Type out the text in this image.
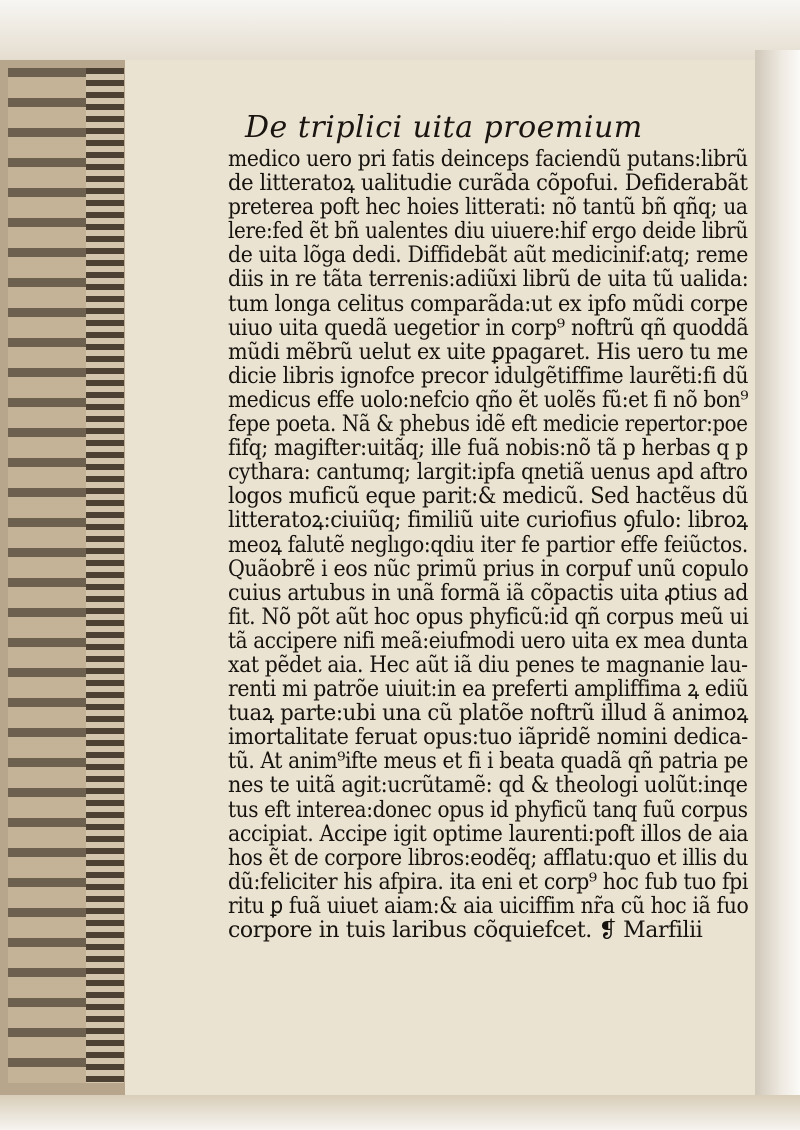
De triplici uita proemium
medico uero pri fatis deinceps faciendũ putans:librũ
de litteratoꝝ ualitudie curãda cõpofui. Defiderabãt
preterea poft hec hoies litterati: nõ tantũ bñ qñq; ua
lere:fed ẽt bñ ualentes diu uiuere:hif ergo deide librũ
de uita lõga dedi. Diffidebãt aũt medicinif:atq; reme
diis in re tãta terrenis:adiũxi librũ de uita tũ ualida:
tum longa celitus comparãda:ut ex ipfo mũdi corpe
uiuo uita quedã uegetior in corp⁹ noftrũ qñ quoddã
mũdi mẽbrũ uelut ex uite ꝑpagaret. His uero tu me
dicie libris ignofce precor idulgẽtiffime laurẽti:fi dũ
medicus effe uolo:nefcio qño ẽt uolẽs fũ:et fi nõ bon⁹
fepe poeta. Nã & phebus idẽ eft medicie repertor:poe
fifq; magifter:uitãq; ille fuã nobis:nõ tã p herbas q p
cythara: cantumq; largit:ipfa qnetiã uenus apd aftro
logos muficũ eque parit:& medicũ. Sed hactẽus dũ
litteratoꝝ:ciuiũq; fimiliũ uite curiofius ꝯfulo: libroꝝ
meoꝝ falutẽ neglıgo:qdiu iter fe partior effe feiũctos.
Quãobrẽ i eos nũc primũ prius in corpuf unũ copulo
cuius artubus in unã formã iã cõpactis uita ꝓtius ad
fit. Nõ põt aũt hoc opus phyficũ:id qñ corpus meũ ui
tã accipere nifi meã:eiufmodi uero uita ex mea dunta
xat pẽdet aia. Hec aũt iã diu penes te magnanie lau-
renti mi patrõe uiuit:in ea preferti ampliffima ꝝ ediũ
tuaꝝ parte:ubi una cũ platõe noftrũ illud ã animoꝝ
imortalitate feruat opus:tuo iãpridẽ nomini dedica-
tũ. At anim⁹ifte meus et fi i beata quadã qñ patria pe
nes te uitã agit:ucrũtamẽ: qd & theologi uolũt:inqe
tus eft interea:donec opus id phyficũ tanq fuũ corpus
accipiat. Accipe igit optime laurenti:poft illos de aia
hos ẽt de corpore libros:eodẽq; afflatu:quo et illis du
dũ:feliciter his afpira. ita eni et corp⁹ hoc fub tuo fpi
ritu ꝑ fuã uiuet aiam:& aia uiciffim nr̃a cũ hoc iã fuo
corpore in tuis laribus cõquiefcet. ❡ Marfilii
